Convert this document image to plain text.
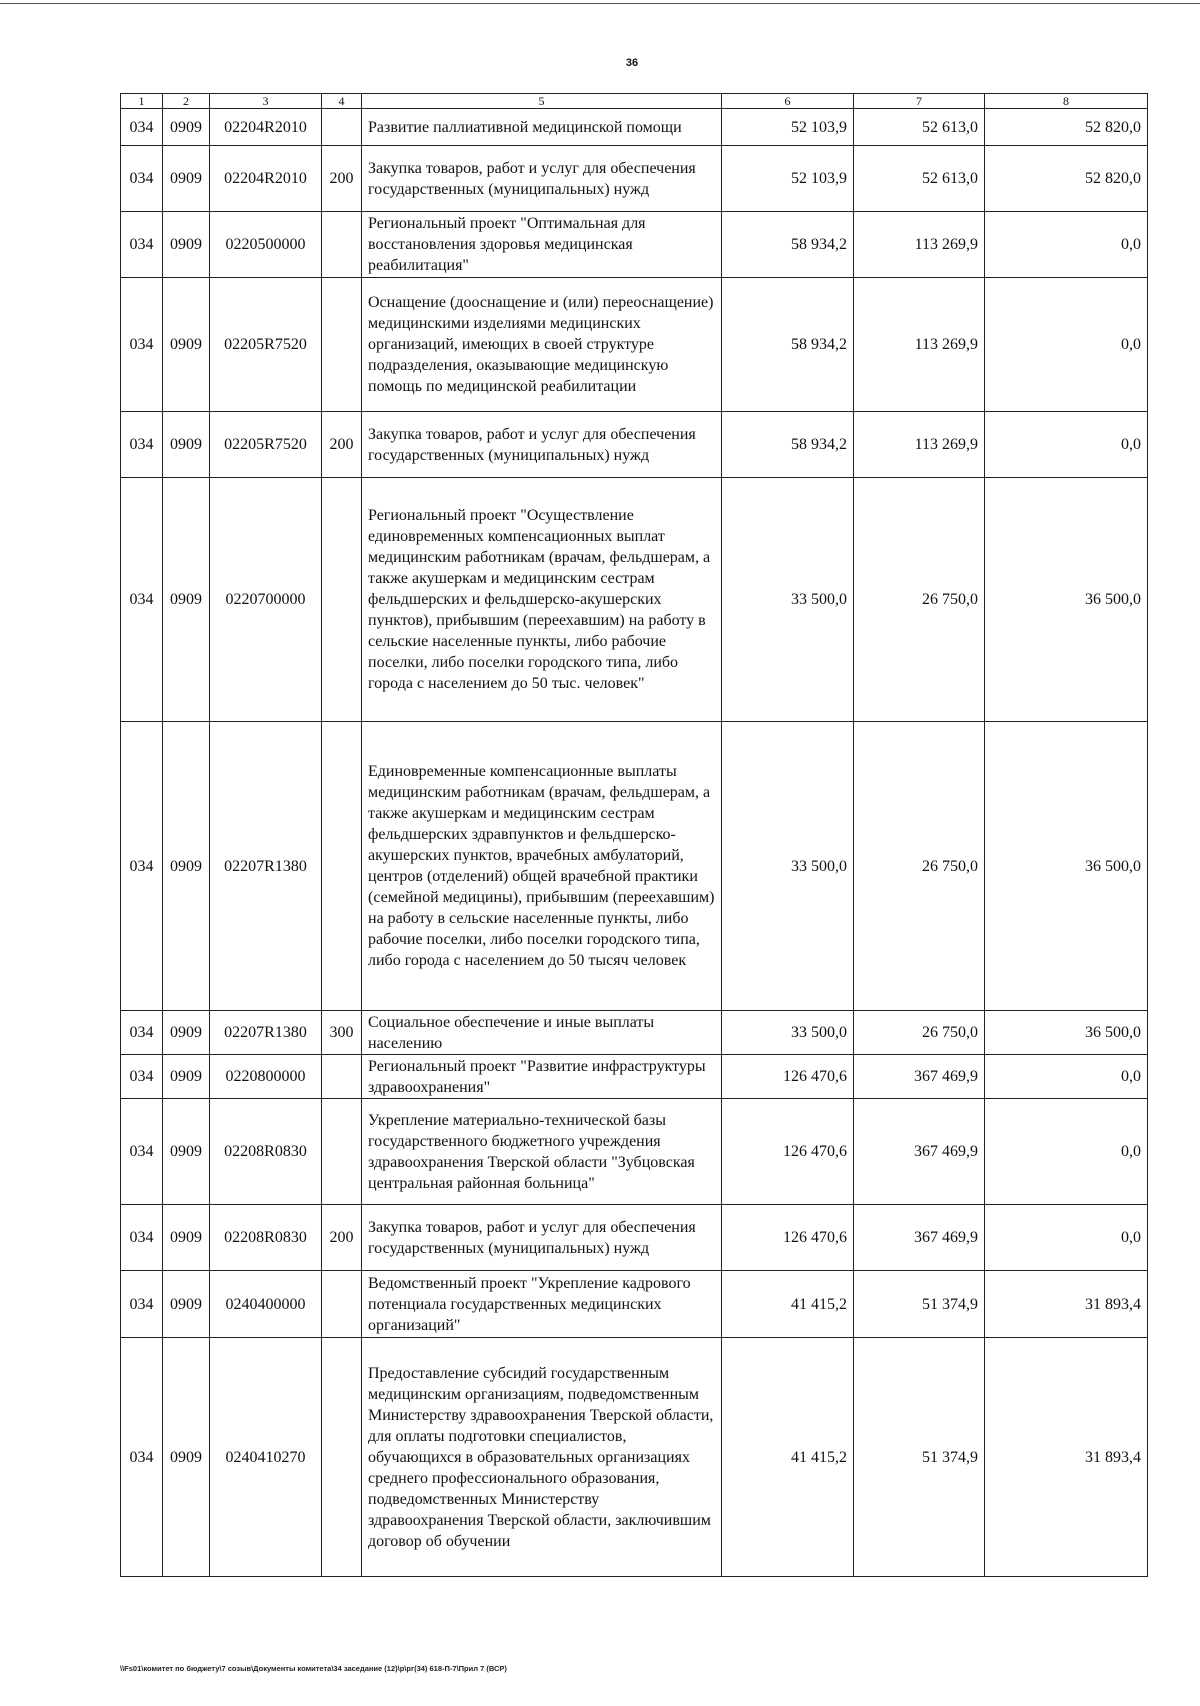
36
1	2	3	4	5	6	7	8
034	0909	02204R2010		Развитие паллиативной медицинской помощи	52 103,9	52 613,0	52 820,0
034	0909	02204R2010	200	Закупка товаров, работ и услуг для обеспечения государственных (муниципальных) нужд	52 103,9	52 613,0	52 820,0
034	0909	0220500000		Региональный проект "Оптимальная для восстановления здоровья медицинская реабилитация"	58 934,2	113 269,9	0,0
034	0909	02205R7520		Оснащение (дооснащение и (или) переоснащение) медицинскими изделиями медицинских организаций, имеющих в своей структуре подразделения, оказывающие медицинскую помощь по медицинской реабилитации	58 934,2	113 269,9	0,0
034	0909	02205R7520	200	Закупка товаров, работ и услуг для обеспечения государственных (муниципальных) нужд	58 934,2	113 269,9	0,0
034	0909	0220700000		Региональный проект "Осуществление единовременных компенсационных выплат медицинским работникам (врачам, фельдшерам, а также акушеркам и медицинским сестрам фельдшерских и фельдшерско-акушерских пунктов), прибывшим (переехавшим) на работу в сельские населенные пункты, либо рабочие поселки, либо поселки городского типа, либо города с населением до 50 тыс. человек"	33 500,0	26 750,0	36 500,0
034	0909	02207R1380		Единовременные компенсационные выплаты медицинским работникам (врачам, фельдшерам, а также акушеркам и медицинским сестрам фельдшерских здравпунктов и фельдшерско-акушерских пунктов, врачебных амбулаторий, центров (отделений) общей врачебной практики (семейной медицины), прибывшим (переехавшим) на работу в сельские населенные пункты, либо рабочие поселки, либо поселки городского типа, либо города с населением до 50 тысяч человек	33 500,0	26 750,0	36 500,0
034	0909	02207R1380	300	Социальное обеспечение и иные выплаты населению	33 500,0	26 750,0	36 500,0
034	0909	0220800000		Региональный проект "Развитие инфраструктуры здравоохранения"	126 470,6	367 469,9	0,0
034	0909	02208R0830		Укрепление материально-технической базы государственного бюджетного учреждения здравоохранения Тверской области "Зубцовская центральная районная больница"	126 470,6	367 469,9	0,0
034	0909	02208R0830	200	Закупка товаров, работ и услуг для обеспечения государственных (муниципальных) нужд	126 470,6	367 469,9	0,0
034	0909	0240400000		Ведомственный проект "Укрепление кадрового потенциала государственных медицинских организаций"	41 415,2	51 374,9	31 893,4
034	0909	0240410270		Предоставление субсидий государственным медицинским организациям, подведомственным Министерству здравоохранения Тверской области, для оплаты подготовки специалистов, обучающихся в образовательных организациях среднего профессионального образования, подведомственных Министерству здравоохранения Тверской области, заключившим договор об обучении	41 415,2	51 374,9	31 893,4
\\Fs01\комитет по бюджету\7 созыв\Документы комитета\34 заседание (12)\р\рг(34) 618-П-7\Прил 7 (ВСР)
